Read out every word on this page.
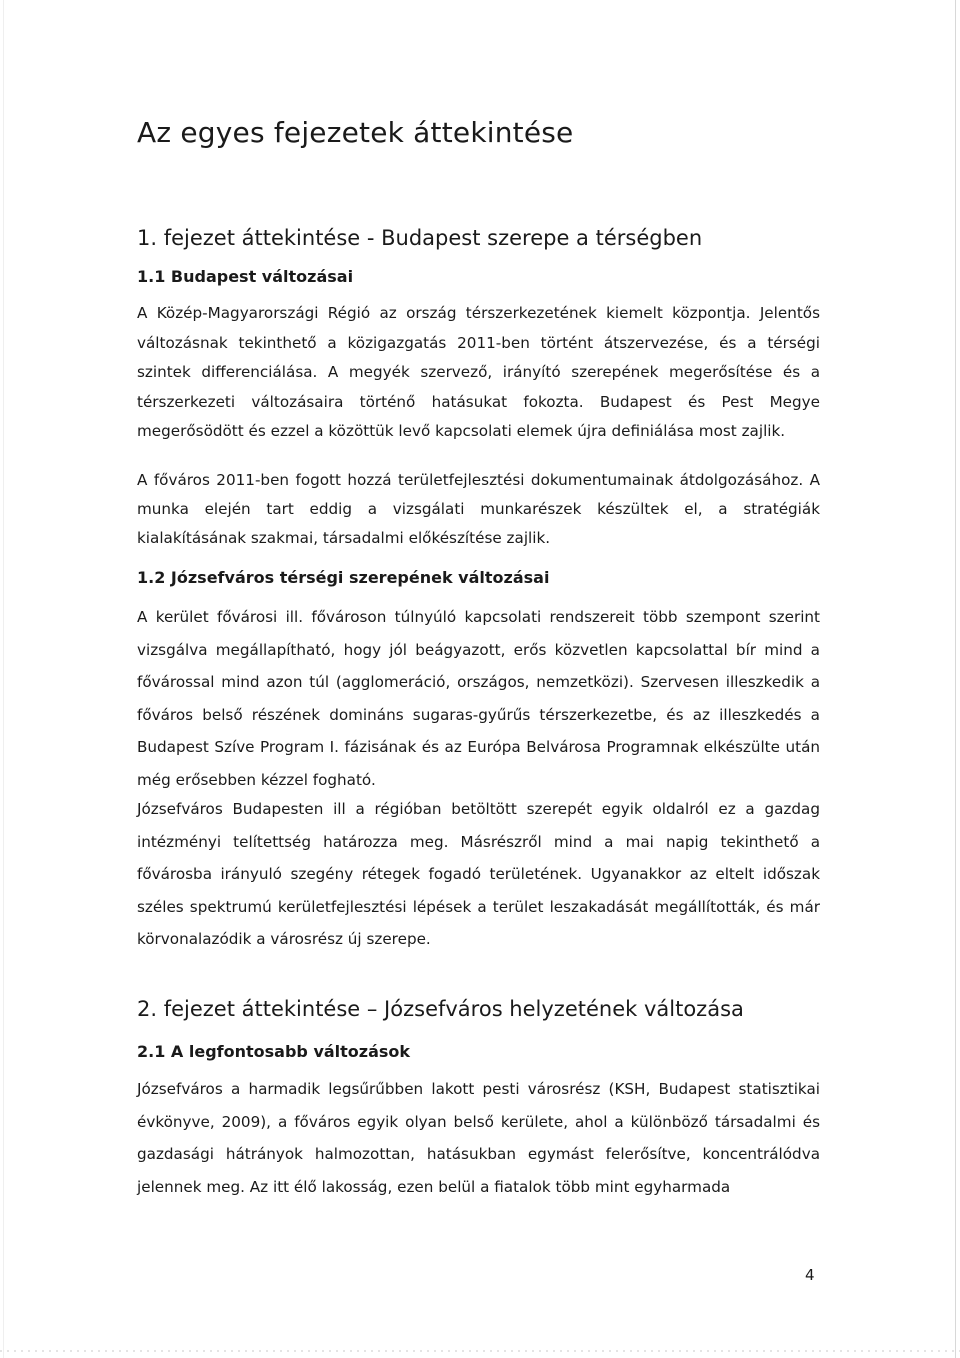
Az egyes fejezetek áttekintése
1. fejezet áttekintése - Budapest szerepe a térségben
1.1 Budapest változásai

A Közép-Magyarországi Régió az ország térszerkezetének kiemelt központja. Jelentős változásnak tekinthető a közigazgatás 2011-ben történt átszervezése, és a térségi szintek differenciálása. A megyék szervező, irányító szerepének megerősítése és a térszerkezeti változásaira történő hatásukat fokozta. Budapest és Pest Megye megerősödött és ezzel a közöttük levő kapcsolati elemek újra definiálása most zajlik.

A főváros 2011-ben fogott hozzá területfejlesztési dokumentumainak átdolgozásához. A munka elején tart eddig a vizsgálati munkarészek készültek el, a stratégiák kialakításának szakmai, társadalmi előkészítése zajlik.

1.2 Józsefváros térségi szerepének változásai

A kerület fővárosi ill. fővároson túlnyúló kapcsolati rendszereit több szempont szerint vizsgálva megállapítható, hogy jól beágyazott, erős közvetlen kapcsolattal bír mind a fővárossal mind azon túl (agglomeráció, országos, nemzetközi). Szervesen illeszkedik a főváros belső részének domináns sugaras-gyűrűs térszerkezetbe, és az illeszkedés a Budapest Szíve Program I. fázisának és az Európa Belvárosa Programnak elkészülte után még erősebben kézzel fogható.

Józsefváros Budapesten ill a régióban betöltött szerepét egyik oldalról ez a gazdag intézményi telítettség határozza meg. Másrészről mind a mai napig tekinthető a fővárosba irányuló szegény rétegek fogadó területének. Ugyanakkor az eltelt időszak széles spektrumú kerületfejlesztési lépések a terület leszakadását megállították, és már körvonalazódik a városrész új szerepe.

2. fejezet áttekintése – Józsefváros helyzetének változása
2.1 A legfontosabb változások

Józsefváros a harmadik legsűrűbben lakott pesti városrész (KSH, Budapest statisztikai évkönyve, 2009), a főváros egyik olyan belső kerülete, ahol a különböző társadalmi és gazdasági hátrányok halmozottan, hatásukban egymást felerősítve, koncentrálódva jelennek meg. Az itt élő lakosság, ezen belül a fiatalok több mint egyharmada

4
